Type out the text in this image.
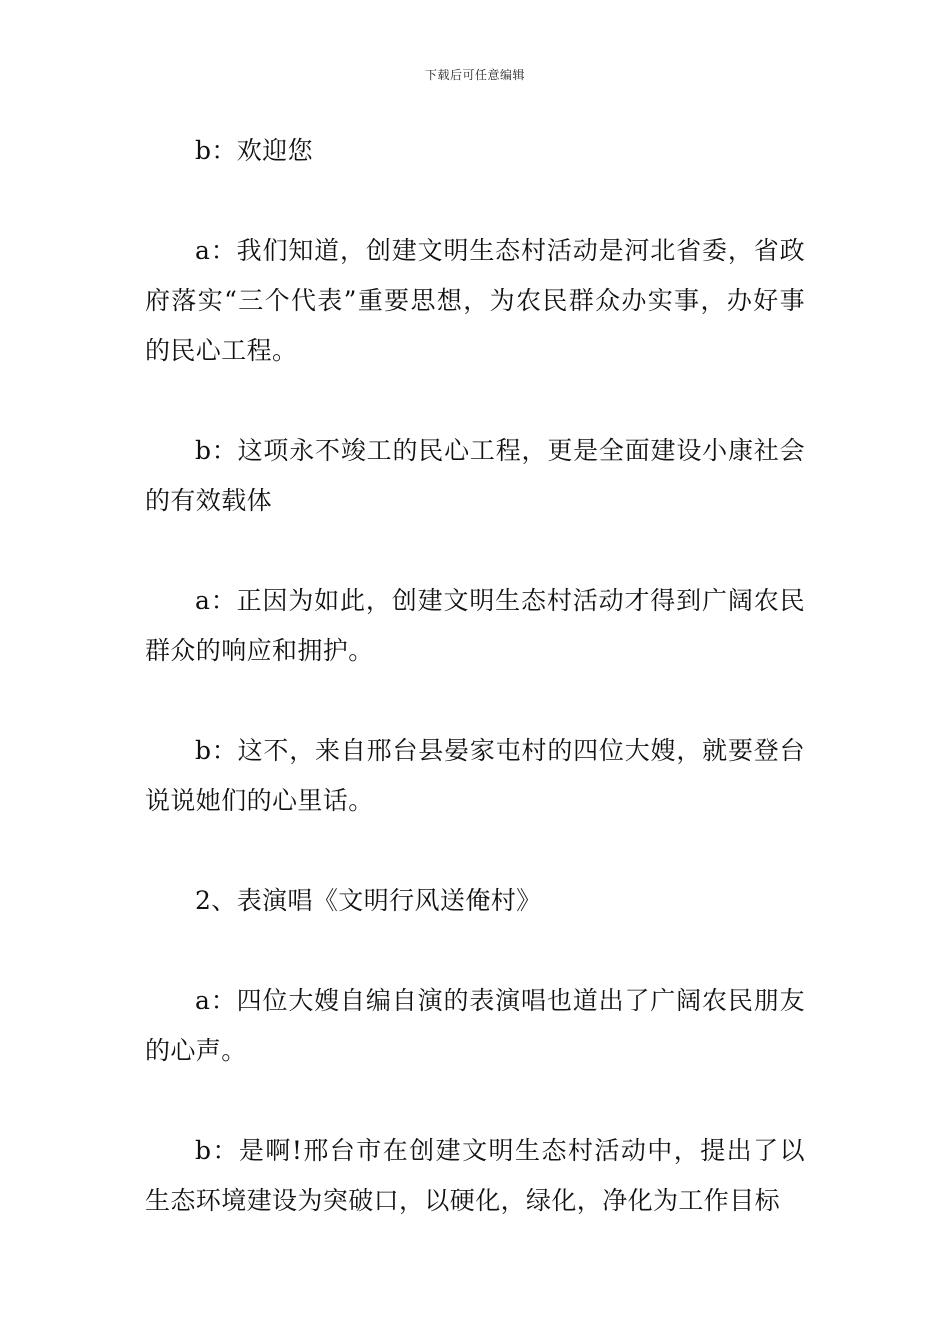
下载后可任意编辑

b：欢迎您

a：我们知道，创建文明生态村活动是河北省委，省政府落实“三个代表”重要思想，为农民群众办实事，办好事的民心工程。

b：这项永不竣工的民心工程，更是全面建设小康社会的有效载体

a：正因为如此，创建文明生态村活动才得到广阔农民群众的响应和拥护。

b：这不，来自邢台县晏家屯村的四位大嫂，就要登台说说她们的心里话。

2、表演唱《文明行风送俺村》

a：四位大嫂自编自演的表演唱也道出了广阔农民朋友的心声。

b：是啊!邢台市在创建文明生态村活动中，提出了以生态环境建设为突破口，以硬化，绿化，净化为工作目标
